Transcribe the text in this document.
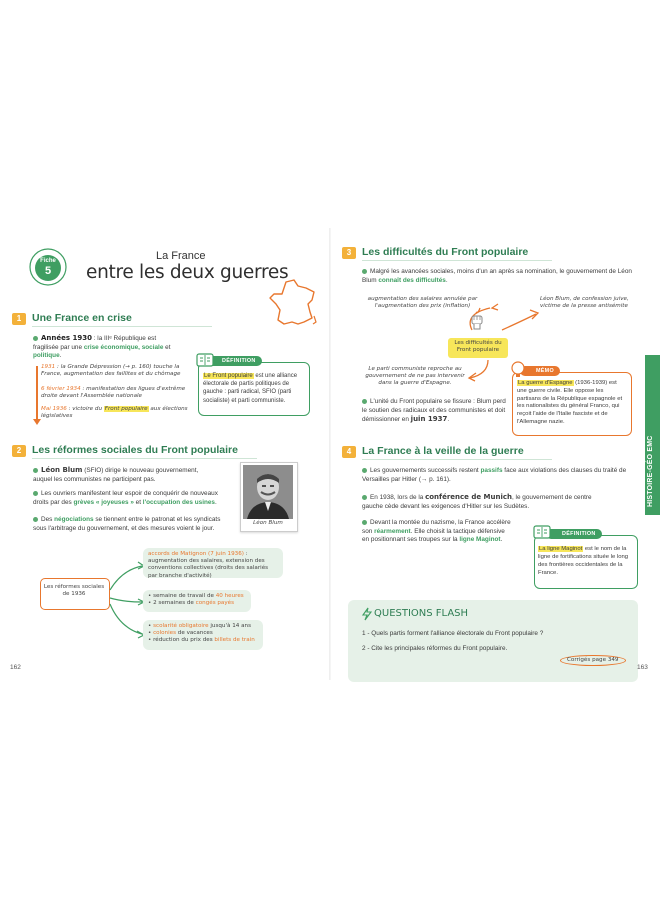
Fiche
5
La France
entre les deux guerres
1	Une France en crise
Années 1930 : la IIIᵉ République est fragilisée par une crise économique, sociale et politique.
1931 : la Grande Dépression (→ p. 160) touche la France, augmentation des faillites et du chômage
6 février 1934 : manifestation des ligues d'extrême droite devant l'Assemblée nationale
Mai 1936 : victoire du Front populaire aux élections législatives
DÉFINITION
Le Front populaire est une alliance électorale de partis politiques de gauche : parti radical, SFIO (parti socialiste) et parti communiste.
2	Les réformes sociales du Front populaire
Léon Blum (SFIO) dirige le nouveau gouvernement, auquel les communistes ne participent pas.
Les ouvriers manifestent leur espoir de conquérir de nouveaux droits par des grèves « joyeuses » et l'occupation des usines.
Des négociations se tiennent entre le patronat et les syndicats sous l'arbitrage du gouvernement, et des mesures voient le jour.
Léon Blum
Les réformes sociales de 1936
accords de Matignon (7 juin 1936) : augmentation des salaires, extension des conventions collectives (droits des salariés par branche d'activité)
• semaine de travail de 40 heures
• 2 semaines de congés payés
• scolarité obligatoire jusqu'à 14 ans
• colonies de vacances
• réduction du prix des billets de train
162
3	Les difficultés du Front populaire
Malgré les avancées sociales, moins d'un an après sa nomination, le gouvernement de Léon Blum connaît des difficultés.
augmentation des salaires annulée par l'augmentation des prix (inflation)
Léon Blum, de confession juive, victime de la presse antisémite
Les difficultés du Front populaire
Le parti communiste reproche au gouvernement de ne pas intervenir dans la guerre d'Espagne.
L'unité du Front populaire se fissure : Blum perd le soutien des radicaux et des communistes et doit démissionner en juin 1937.
MÉMO
La guerre d'Espagne (1936-1939) est une guerre civile. Elle oppose les partisans de la République espagnole et les nationalistes du général Franco, qui reçoit l'aide de l'Italie fasciste et de l'Allemagne nazie.
4	La France à la veille de la guerre
Les gouvernements successifs restent passifs face aux violations des clauses du traité de Versailles par Hitler (→ p. 161).
En 1938, lors de la conférence de Munich, le gouvernement de centre gauche cède devant les exigences d'Hitler sur les Sudètes.
Devant la montée du nazisme, la France accélère son réarmement. Elle choisit la tactique défensive en positionnant ses troupes sur la ligne Maginot.
DÉFINITION
La ligne Maginot est le nom de la ligne de fortifications située le long des frontières occidentales de la France.
QUESTIONS FLASH
1 - Quels partis forment l'alliance électorale du Front populaire ?
2 - Cite les principales réformes du Front populaire.
Corrigés page 349
163
HISTOIRE-GÉO EMC
